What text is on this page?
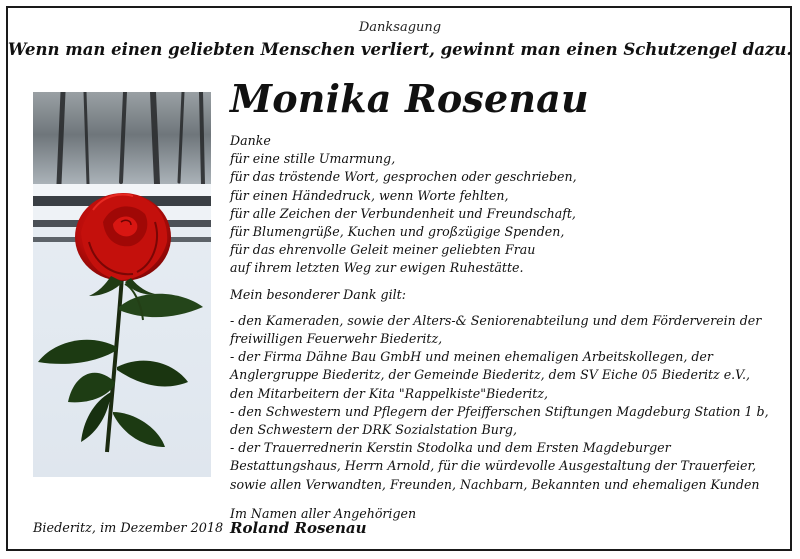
Danksagung
Wenn man einen geliebten Menschen verliert, gewinnt man einen Schutzengel dazu.
Monika Rosenau
Danke
für eine stille Umarmung,
für das tröstende Wort, gesprochen oder geschrieben,
für einen Händedruck, wenn Worte fehlten,
für alle Zeichen der Verbundenheit und Freundschaft,
für Blumengrüße, Kuchen und großzügige Spenden,
für das ehrenvolle Geleit meiner geliebten Frau
auf ihrem letzten Weg zur ewigen Ruhestätte.
Mein besonderer Dank gilt:
- den Kameraden, sowie der Alters-& Seniorenabteilung und dem Förderverein der
freiwilligen Feuerwehr Biederitz,
- der Firma Dähne Bau GmbH und meinen ehemaligen Arbeitskollegen, der
Anglergruppe Biederitz, der Gemeinde Biederitz, dem SV Eiche 05 Biederitz e.V.,
den Mitarbeitern der Kita "Rappelkiste"Biederitz,
- den Schwestern und Pflegern der Pfeifferschen Stiftungen Magdeburg Station 1 b,
den Schwestern der DRK Sozialstation Burg,
- der Trauerrednerin Kerstin Stodolka und dem Ersten Magdeburger
Bestattungshaus, Herrn Arnold, für die würdevolle Ausgestaltung der Trauerfeier,
sowie allen Verwandten, Freunden, Nachbarn, Bekannten und ehemaligen Kunden
Im Namen aller Angehörigen
Biederitz, im Dezember 2018 Roland Rosenau
